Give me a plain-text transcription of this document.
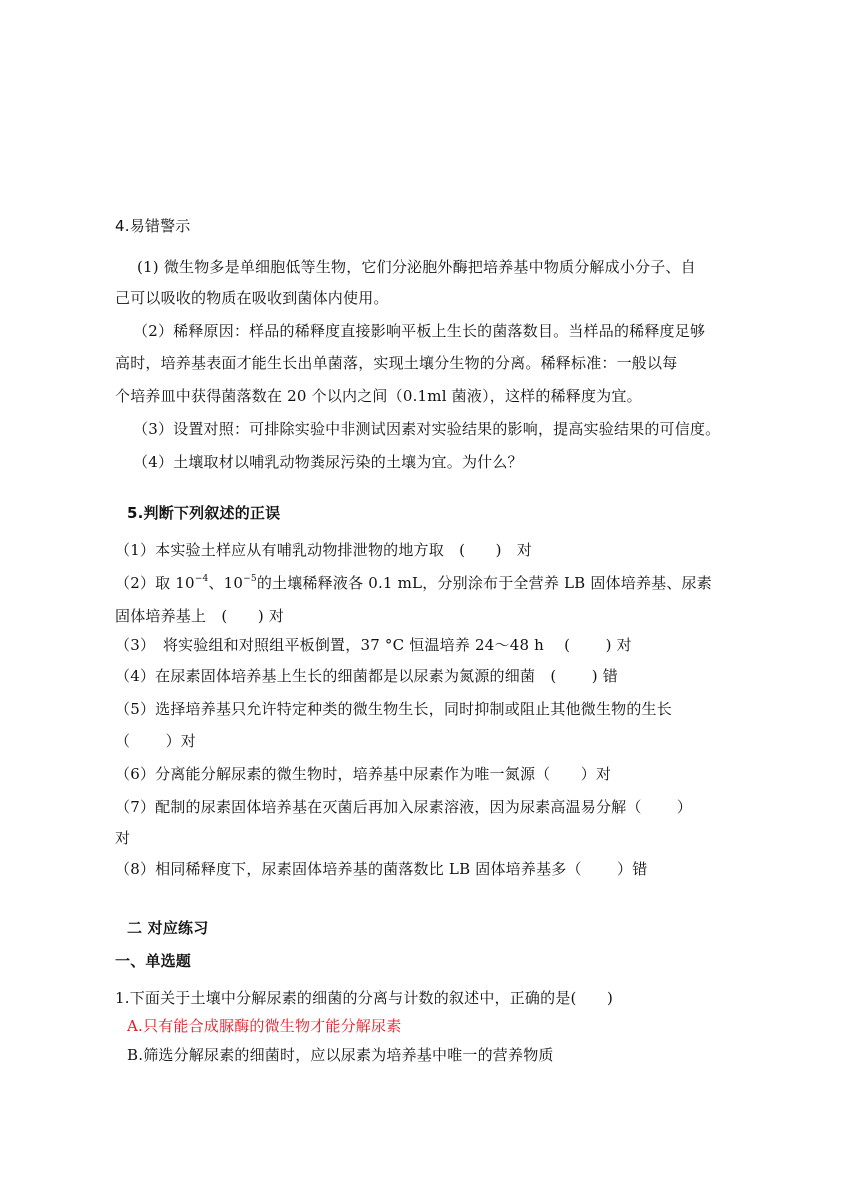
4.易错警示
(1) 微生物多是单细胞低等生物，它们分泌胞外酶把培养基中物质分解成小分子、自
己可以吸收的物质在吸收到菌体内使用。
（2）稀释原因：样品的稀释度直接影响平板上生长的菌落数目。当样品的稀释度足够
高时，培养基表面才能生长出单菌落，实现土壤分生物的分离。稀释标准：一般以每
个培养皿中获得菌落数在 20 个以内之间（0.1ml 菌液），这样的稀释度为宜。
（3）设置对照：可排除实验中非测试因素对实验结果的影响，提高实验结果的可信度。
（4）土壤取材以哺乳动物粪尿污染的土壤为宜。为什么？
5.判断下列叙述的正误
（1）本实验土样应从有哺乳动物排泄物的地方取　(　　)　对
（2）取 $10^{-4}$、$10^{-5}$的土壤稀释液各 0.1 mL，分别涂布于全营养 LB 固体培养基、尿素
固体培养基上　(　　) 对
（3）　将实验组和对照组平板倒置，37 °C 恒温培养 24～48 h　 (　　 ) 对
（4）在尿素固体培养基上生长的细菌都是以尿素为氮源的细菌　(　　 ) 错
（5）选择培养基只允许特定种类的微生物生长，同时抑制或阻止其他微生物的生长
（　　 ）对
（6）分离能分解尿素的微生物时，培养基中尿素作为唯一氮源（　　）对
（7）配制的尿素固体培养基在灭菌后再加入尿素溶液，因为尿素高温易分解（　　 ）
对
（8）相同稀释度下，尿素固体培养基的菌落数比 LB 固体培养基多（　　 ）错
二 对应练习
一、单选题
1.下面关于土壤中分解尿素的细菌的分离与计数的叙述中，正确的是(　　)
A.只有能合成脲酶的微生物才能分解尿素
B.筛选分解尿素的细菌时，应以尿素为培养基中唯一的营养物质
